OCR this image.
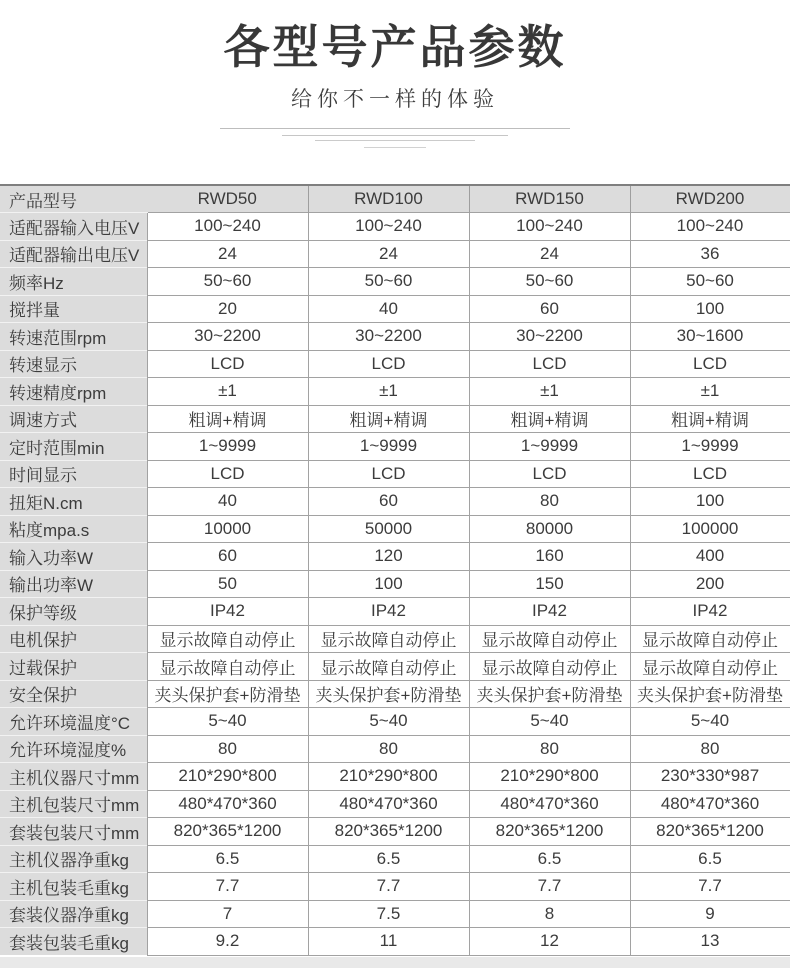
各型号产品参数
给你不一样的体验
产品型号	RWD50	RWD100	RWD150	RWD200
适配器输入电压V	100~240	100~240	100~240	100~240
适配器输出电压V	24	24	24	36
频率Hz	50~60	50~60	50~60	50~60
搅拌量	20	40	60	100
转速范围rpm	30~2200	30~2200	30~2200	30~1600
转速显示	LCD	LCD	LCD	LCD
转速精度rpm	±1	±1	±1	±1
调速方式	粗调+精调	粗调+精调	粗调+精调	粗调+精调
定时范围min	1~9999	1~9999	1~9999	1~9999
时间显示	LCD	LCD	LCD	LCD
扭矩N.cm	40	60	80	100
粘度mpa.s	10000	50000	80000	100000
输入功率W	60	120	160	400
输出功率W	50	100	150	200
保护等级	IP42	IP42	IP42	IP42
电机保护	显示故障自动停止	显示故障自动停止	显示故障自动停止	显示故障自动停止
过载保护	显示故障自动停止	显示故障自动停止	显示故障自动停止	显示故障自动停止
安全保护	夹头保护套+防滑垫	夹头保护套+防滑垫	夹头保护套+防滑垫	夹头保护套+防滑垫
允许环境温度°C	5~40	5~40	5~40	5~40
允许环境湿度%	80	80	80	80
主机仪器尺寸mm	210*290*800	210*290*800	210*290*800	230*330*987
主机包装尺寸mm	480*470*360	480*470*360	480*470*360	480*470*360
套装包装尺寸mm	820*365*1200	820*365*1200	820*365*1200	820*365*1200
主机仪器净重kg	6.5	6.5	6.5	6.5
主机包装毛重kg	7.7	7.7	7.7	7.7
套装仪器净重kg	7	7.5	8	9
套装包装毛重kg	9.2	11	12	13
